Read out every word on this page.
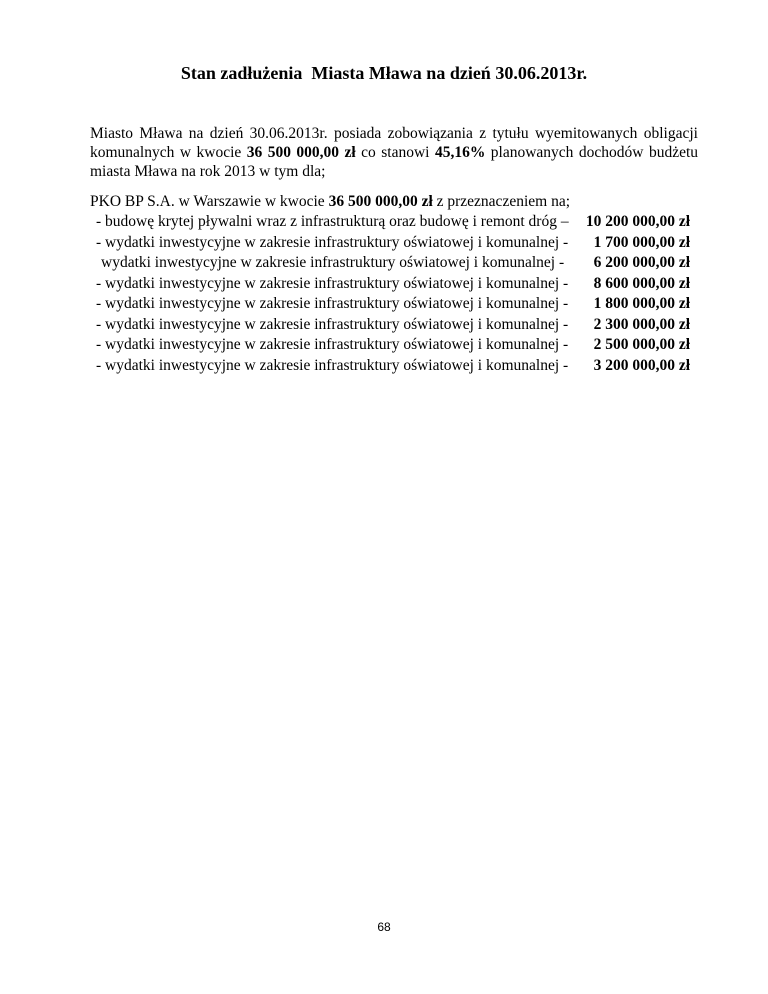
Stan zadłużenia  Miasta Mława na dzień 30.06.2013r.

Miasto Mława na dzień 30.06.2013r. posiada zobowiązania z tytułu wyemitowanych obligacji komunalnych w kwocie 36 500 000,00 zł co stanowi 45,16% planowanych dochodów budżetu miasta Mława na rok 2013 w tym dla;

PKO BP S.A. w Warszawie w kwocie 36 500 000,00 zł z przeznaczeniem na;

- budowę krytej pływalni wraz z infrastrukturą oraz budowę i remont dróg – 10 200 000,00 zł
- wydatki inwestycyjne w zakresie infrastruktury oświatowej i komunalnej - 1 700 000,00 zł
wydatki inwestycyjne w zakresie infrastruktury oświatowej i komunalnej - 6 200 000,00 zł
- wydatki inwestycyjne w zakresie infrastruktury oświatowej i komunalnej - 8 600 000,00 zł
- wydatki inwestycyjne w zakresie infrastruktury oświatowej i komunalnej - 1 800 000,00 zł
- wydatki inwestycyjne w zakresie infrastruktury oświatowej i komunalnej - 2 300 000,00 zł
- wydatki inwestycyjne w zakresie infrastruktury oświatowej i komunalnej - 2 500 000,00 zł
- wydatki inwestycyjne w zakresie infrastruktury oświatowej i komunalnej - 3 200 000,00 zł

68
